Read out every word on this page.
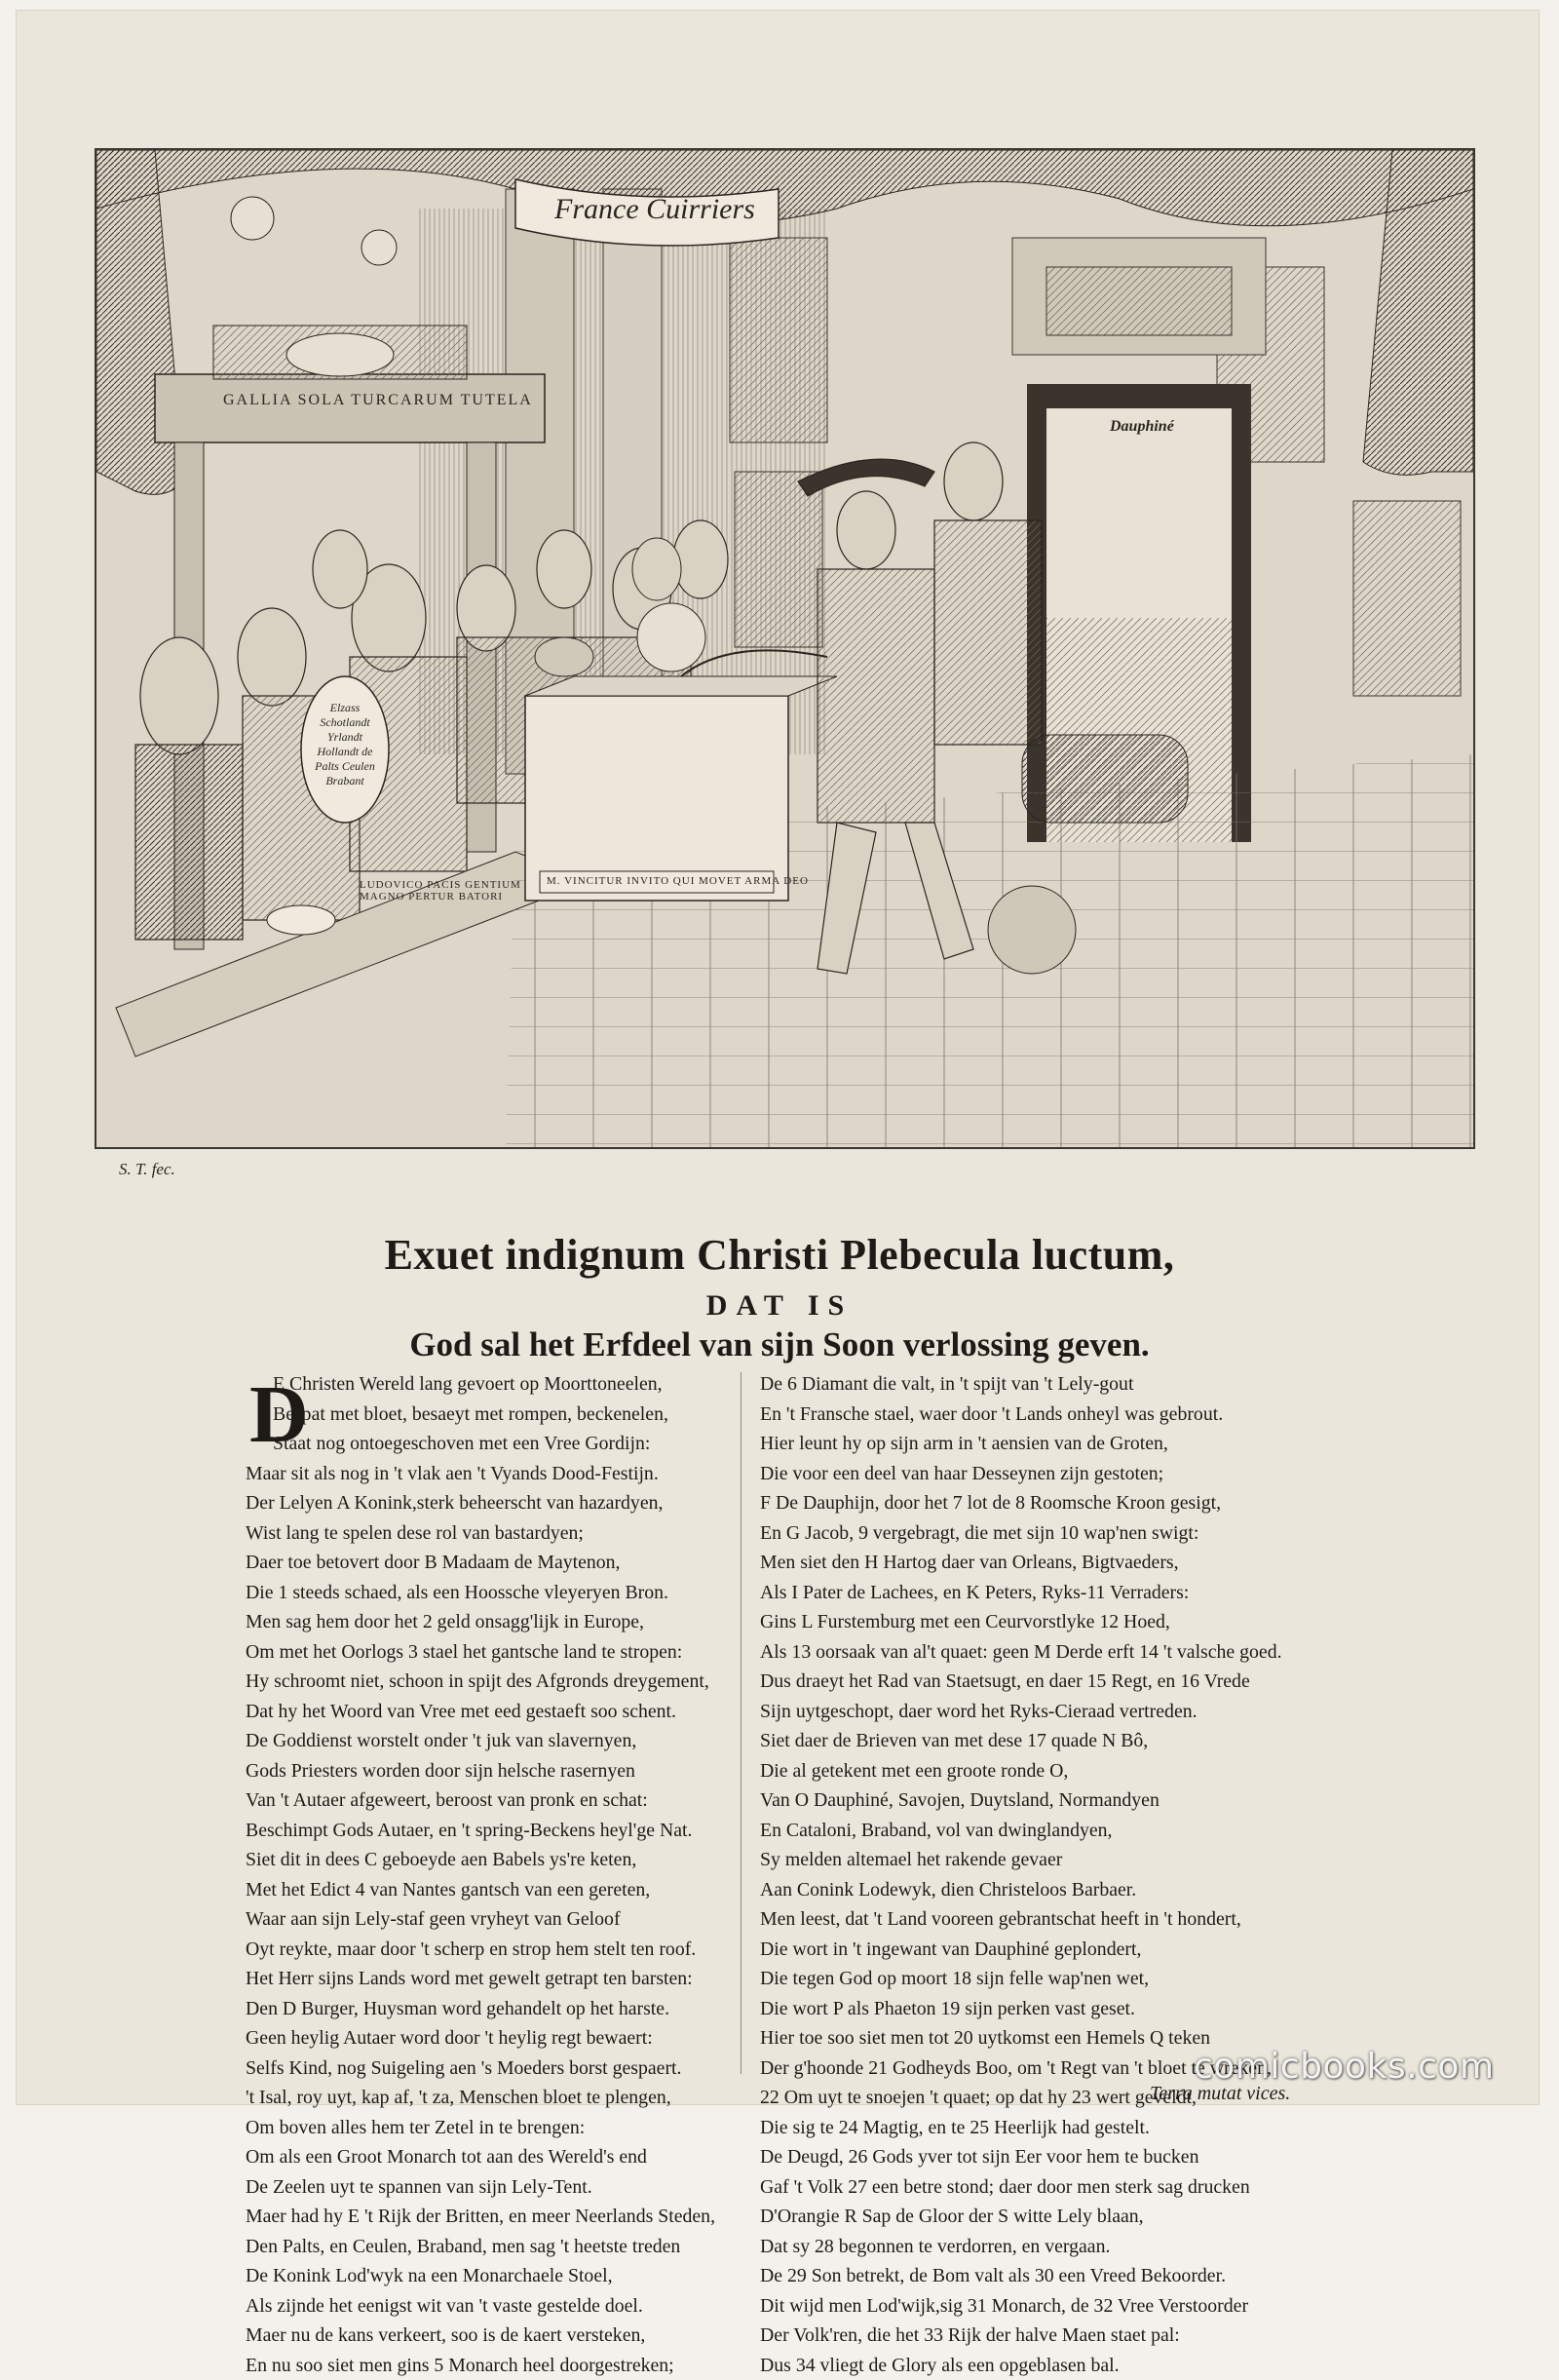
France Cuirriers
GALLIA SOLA TURCARUM TUTELA
Elzass Schotlandt Yrlandt Hollandt de Palts Ceulen Brabant
LUDOVICO PACIS GENTIUM MAGNO PERTUR BATORI
M. VINCITUR INVITO QUI MOVET ARMA DEO
Dauphiné
S. T. fec.
Exuet indignum Christi Plebecula luctum,
DAT IS
God sal het Erfdeel van sijn Soon verlossing geven.
D
E Christen Wereld lang gevoert op Moorttoneelen,
Bespat met bloet, besaeyt met rompen, beckenelen,
Staat nog ontoegeschoven met een Vree Gordijn:
Maar sit als nog in 't vlak aen 't Vyands Dood-Festijn.
Der Lelyen A Konink,sterk beheerscht van hazardyen,
Wist lang te spelen dese rol van bastardyen;
Daer toe betovert door B Madaam de Maytenon,
Die 1 steeds schaed, als een Hoossche vleyeryen Bron.
Men sag hem door het 2 geld onsagg'lijk in Europe,
Om met het Oorlogs 3 stael het gantsche land te stropen:
Hy schroomt niet, schoon in spijt des Afgronds dreygement,
Dat hy het Woord van Vree met eed gestaeft soo schent.
De Goddienst worstelt onder 't juk van slavernyen,
Gods Priesters worden door sijn helsche rasernyen
Van 't Autaer afgeweert, beroost van pronk en schat:
Beschimpt Gods Autaer, en 't spring-Beckens heyl'ge Nat.
Siet dit in dees C geboeyde aen Babels ys're keten,
Met het Edict 4 van Nantes gantsch van een gereten,
Waar aan sijn Lely-staf geen vryheyt van Geloof
Oyt reykte, maar door 't scherp en strop hem stelt ten roof.
Het Herr sijns Lands word met gewelt getrapt ten barsten:
Den D Burger, Huysman word gehandelt op het harste.
Geen heylig Autaer word door 't heylig regt bewaert:
Selfs Kind, nog Suigeling aen 's Moeders borst gespaert.
't Isal, roy uyt, kap af, 't za, Menschen bloet te plengen,
Om boven alles hem ter Zetel in te brengen:
Om als een Groot Monarch tot aan des Wereld's end
De Zeelen uyt te spannen van sijn Lely-Tent.
Maer had hy E 't Rijk der Britten, en meer Neerlands Steden,
Den Palts, en Ceulen, Braband, men sag 't heetste treden
De Konink Lod'wyk na een Monarchaele Stoel,
Als zijnde het eenigst wit van 't vaste gestelde doel.
Maer nu de kans verkeert, soo is de kaert versteken,
En nu soo siet men gins 5 Monarch heel doorgestreken;
De 6 Diamant die valt, in 't spijt van 't Lely-gout
En 't Fransche stael, waer door 't Lands onheyl was gebrout.
Hier leunt hy op sijn arm in 't aensien van de Groten,
Die voor een deel van haar Desseynen zijn gestoten;
F De Dauphijn, door het 7 lot de 8 Roomsche Kroon gesigt,
En G Jacob, 9 vergebragt, die met sijn 10 wap'nen swigt:
Men siet den H Hartog daer van Orleans, Bigtvaeders,
Als I Pater de Lachees, en K Peters, Ryks-11 Verraders:
Gins L Furstemburg met een Ceurvorstlyke 12 Hoed,
Als 13 oorsaak van al't quaet: geen M Derde erft 14 't valsche goed.
Dus draeyt het Rad van Staetsugt, en daer 15 Regt, en 16 Vrede
Sijn uytgeschopt, daer word het Ryks-Cieraad vertreden.
Siet daer de Brieven van met dese 17 quade N Bô,
Die al getekent met een groote ronde O,
Van O Dauphiné, Savojen, Duytsland, Normandyen
En Cataloni, Braband, vol van dwinglandyen,
Sy melden altemael het rakende gevaer
Aan Conink Lodewyk, dien Christeloos Barbaer.
Men leest, dat 't Land vooreen gebrantschat heeft in 't hondert,
Die wort in 't ingewant van Dauphiné geplondert,
Die tegen God op moort 18 sijn felle wap'nen wet,
Die wort P als Phaeton 19 sijn perken vast geset.
Hier toe soo siet men tot 20 uytkomst een Hemels Q teken
Der g'hoonde 21 Godheyds Boo, om 't Regt van 't bloet te wreken,
22 Om uyt te snoejen 't quaet; op dat hy 23 wert geveldt,
Die sig te 24 Magtig, en te 25 Heerlijk had gestelt.
De Deugd, 26 Gods yver tot sijn Eer voor hem te bucken
Gaf 't Volk 27 een betre stond; daer door men sterk sag drucken
D'Orangie R Sap de Gloor der S witte Lely blaan,
Dat sy 28 begonnen te verdorren, en vergaan.
De 29 Son betrekt, de Bom valt als 30 een Vreed Bekoorder.
Dit wijd men Lod'wijk,sig 31 Monarch, de 32 Vree Verstoorder
Der Volk'ren, die het 33 Rijk der halve Maen staet pal:
Dus 34 vliegt de Glory als een opgeblasen bal.
Terra mutat vices.
comicbooks.com
